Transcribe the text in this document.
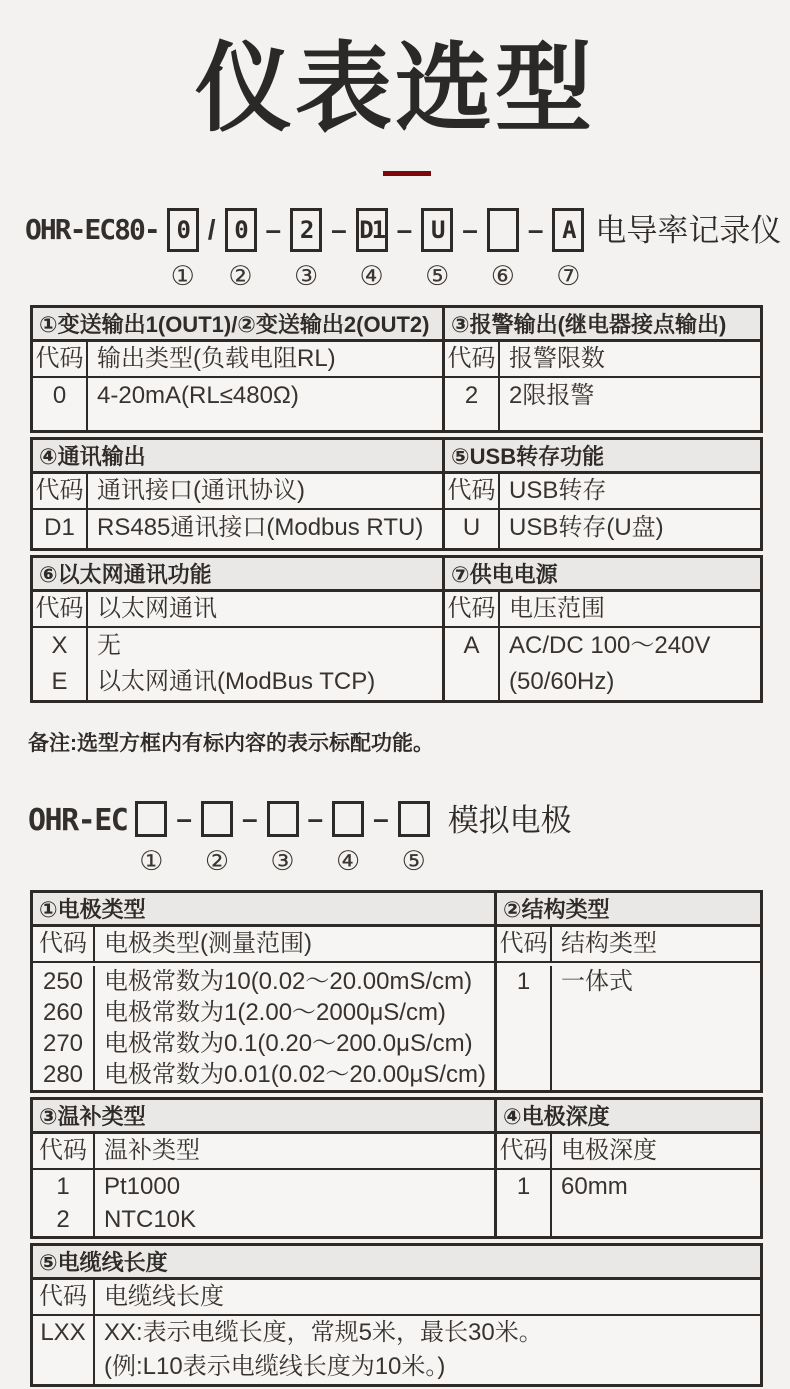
仪表选型
OHR-EC80- 0
①
/ 0
②
– 2
③
– D1
④
– U
⑤
–
⑥
– A
⑦
电导率记录仪
①变送输出1(OUT1)/②变送输出2(OUT2)
代码 输出类型(负载电阻RL)
0 4-20mA(RL≤480Ω)
③报警输出(继电器接点输出)
代码 报警限数
2 2限报警
④通讯输出
代码 通讯接口(通讯协议)
D1 RS485通讯接口(Modbus RTU)
⑤USB转存功能
代码 USB转存
U USB转存(U盘)
⑥以太网通讯功能
代码 以太网通讯
X
E
无
以太网通讯(ModBus TCP)
⑦供电电源
代码 电压范围
A AC/DC 100～240V
(50/60Hz)
备注:选型方框内有标内容的表示标配功能。
OHR-EC
①
–
②
–
③
–
④
–
⑤
模拟电极
①电极类型
代码 电极类型(测量范围)
250
260
270
280
电极常数为10(0.02～20.00mS/cm)
电极常数为1(2.00～2000μS/cm)
电极常数为0.1(0.20～200.0μS/cm)
电极常数为0.01(0.02～20.00μS/cm)
②结构类型
代码 结构类型
1 一体式
③温补类型
代码 温补类型
1
2
Pt1000
NTC10K
④电极深度
代码 电极深度
1 60mm
⑤电缆线长度
代码 电缆线长度
LXX XX:表示电缆长度，常规5米，最长30米。
(例:L10表示电缆线长度为10米。)
